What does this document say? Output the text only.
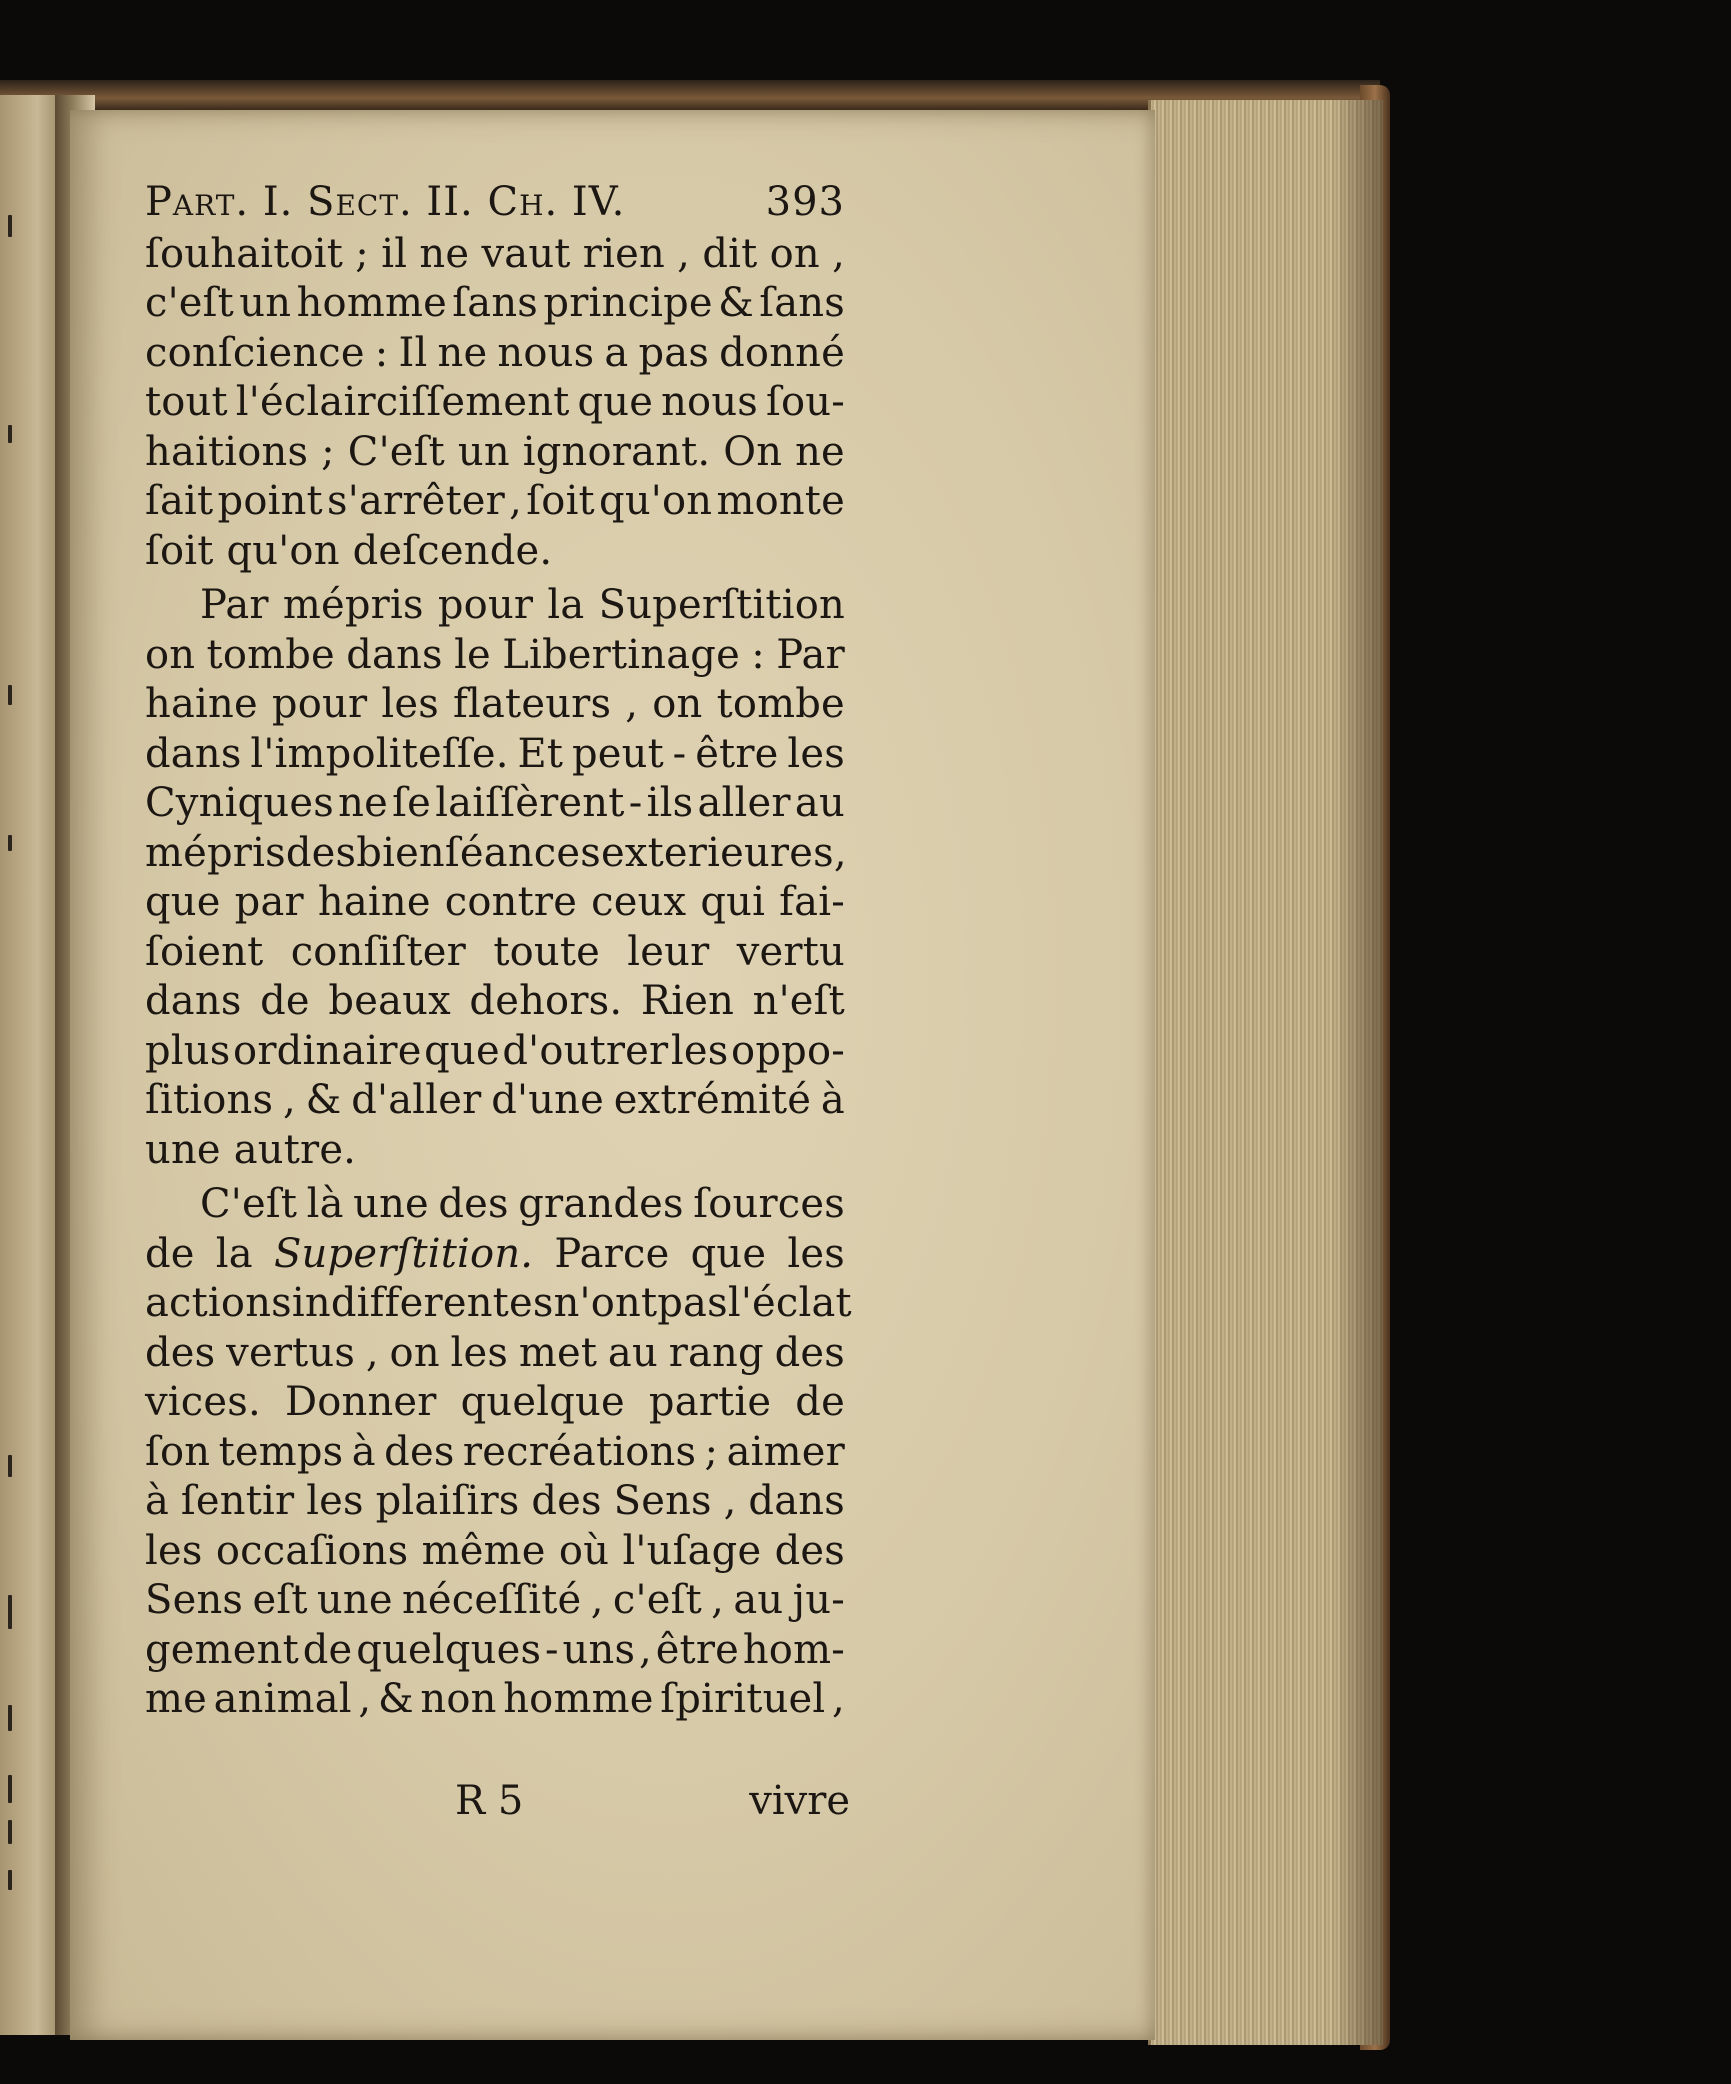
Part. I. Sect. II. Ch. IV.	393
ſouhaitoit ; il ne vaut rien , dit on ,
c'eſt un homme ſans principe & ſans
conſcience : Il ne nous a pas donné
tout l'éclairciſſement que nous ſou-
haitions ; C'eſt un ignorant. On ne
ſait point s'arrêter , ſoit qu'on monte
ſoit qu'on deſcende.
Par mépris pour la Superſtition
on tombe dans le Libertinage : Par
haine pour les flateurs , on tombe
dans l'impoliteſſe. Et peut - être les
Cyniques ne ſe laiſſèrent - ils aller au
mépris des bienſéances exterieures ,
que par haine contre ceux qui fai-
ſoient conſiſter toute leur vertu
dans de beaux dehors. Rien n'eſt
plus ordinaire que d'outrer les oppo-
ſitions , & d'aller d'une extrémité à
une autre.
C'eſt là une des grandes ſources
de la Superſtition. Parce que les
actions indifferentes n'ont pas l'éclat
des vertus , on les met au rang des
vices. Donner quelque partie de
ſon temps à des recréations ; aimer
à ſentir les plaiſirs des Sens , dans
les occaſions même où l'uſage des
Sens eſt une néceſſité , c'eſt , au ju-
gement de quelques - uns , être hom-
me animal , & non homme ſpirituel ,
R 5	vivre
